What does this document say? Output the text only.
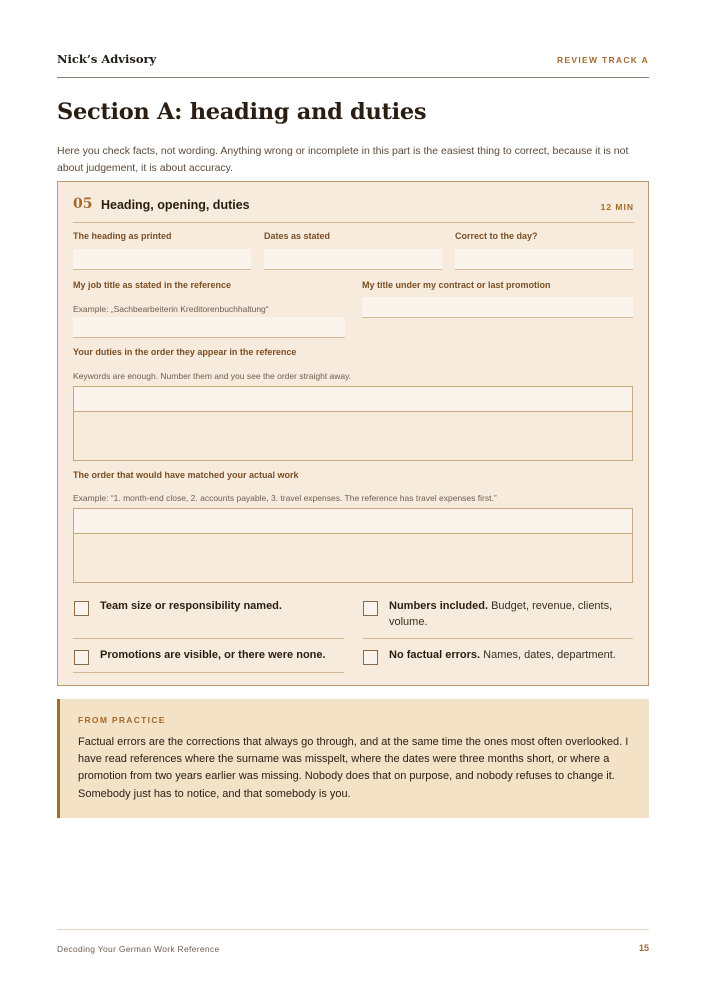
Nick’s Advisory	REVIEW TRACK A
Section A: heading and duties

Here you check facts, not wording. Anything wrong or incomplete in this part is the easiest thing to correct, because it is not about judgement, it is about accuracy.

05 Heading, opening, duties	12 MIN
The heading as printed	Dates as stated	Correct to the day?
My job title as stated in the reference
Example: „Sachbearbeiterin Kreditorenbuchhaltung“
My title under my contract or last promotion
Your duties in the order they appear in the reference
Keywords are enough. Number them and you see the order straight away.
The order that would have matched your actual work
Example: “1. month-end close, 2. accounts payable, 3. travel expenses. The reference has travel expenses first.”
Team size or responsibility named.	Numbers included. Budget, revenue, clients, volume.
Promotions are visible, or there were none.	No factual errors. Names, dates, department.
FROM PRACTICE

Factual errors are the corrections that always go through, and at the same time the ones most often overlooked. I have read references where the surname was misspelt, where the dates were three months short, or where a promotion from two years earlier was missing. Nobody does that on purpose, and nobody refuses to change it. Somebody just has to notice, and that somebody is you.

Decoding Your German Work Reference	15
